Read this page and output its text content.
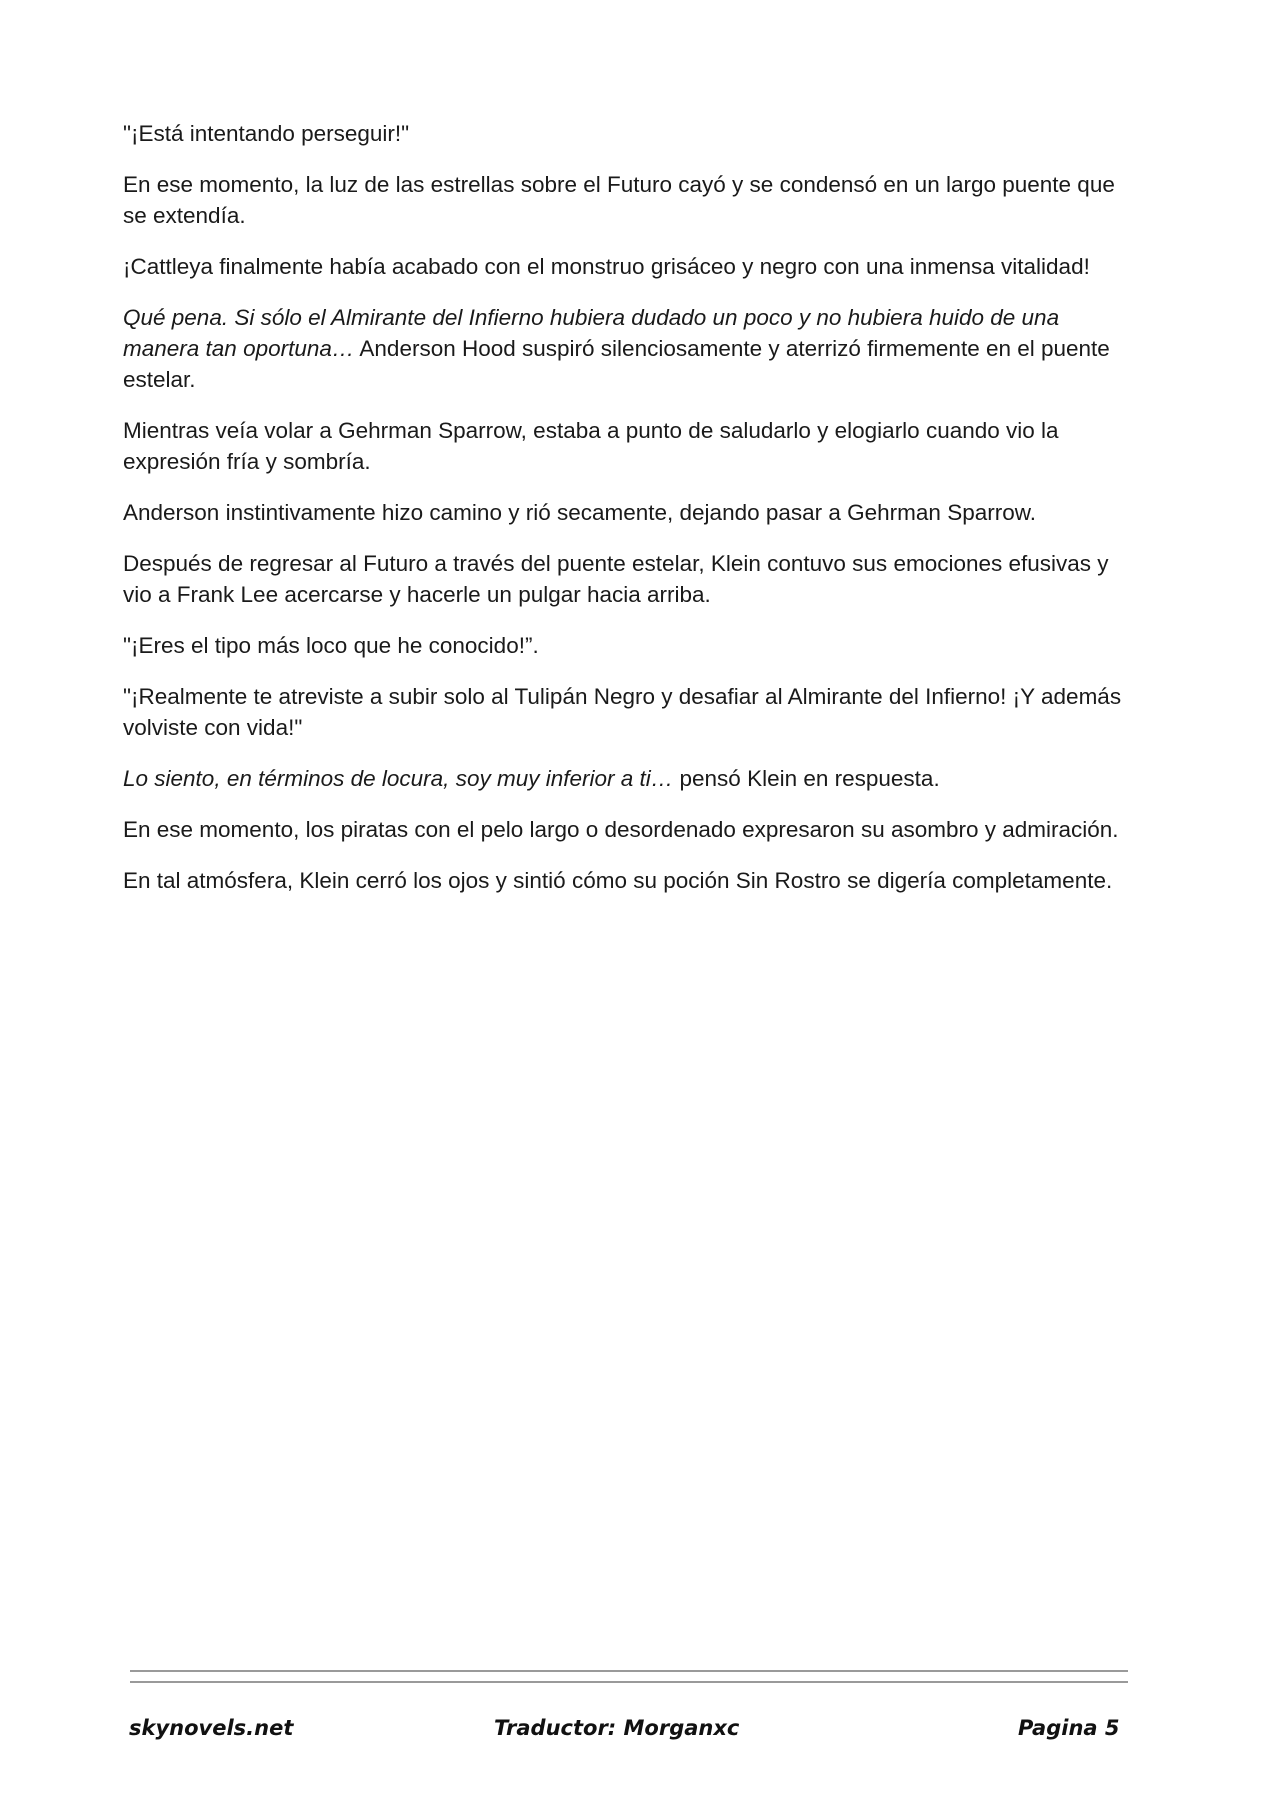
"¡Está intentando perseguir!"

En ese momento, la luz de las estrellas sobre el Futuro cayó y se condensó en un largo puente que se extendía.

¡Cattleya finalmente había acabado con el monstruo grisáceo y negro con una inmensa vitalidad!

Qué pena. Si sólo el Almirante del Infierno hubiera dudado un poco y no hubiera huido de una manera tan oportuna… Anderson Hood suspiró silenciosamente y aterrizó firmemente en el puente estelar.

Mientras veía volar a Gehrman Sparrow, estaba a punto de saludarlo y elogiarlo cuando vio la expresión fría y sombría.

Anderson instintivamente hizo camino y rió secamente, dejando pasar a Gehrman Sparrow.

Después de regresar al Futuro a través del puente estelar, Klein contuvo sus emociones efusivas y vio a Frank Lee acercarse y hacerle un pulgar hacia arriba.

"¡Eres el tipo más loco que he conocido!”.

"¡Realmente te atreviste a subir solo al Tulipán Negro y desafiar al Almirante del Infierno! ¡Y además volviste con vida!"

Lo siento, en términos de locura, soy muy inferior a ti… pensó Klein en respuesta.

En ese momento, los piratas con el pelo largo o desordenado expresaron su asombro y admiración.

En tal atmósfera, Klein cerró los ojos y sintió cómo su poción Sin Rostro se digería completamente.

skynovels.net	Traductor: Morganxc	Pagina 5
